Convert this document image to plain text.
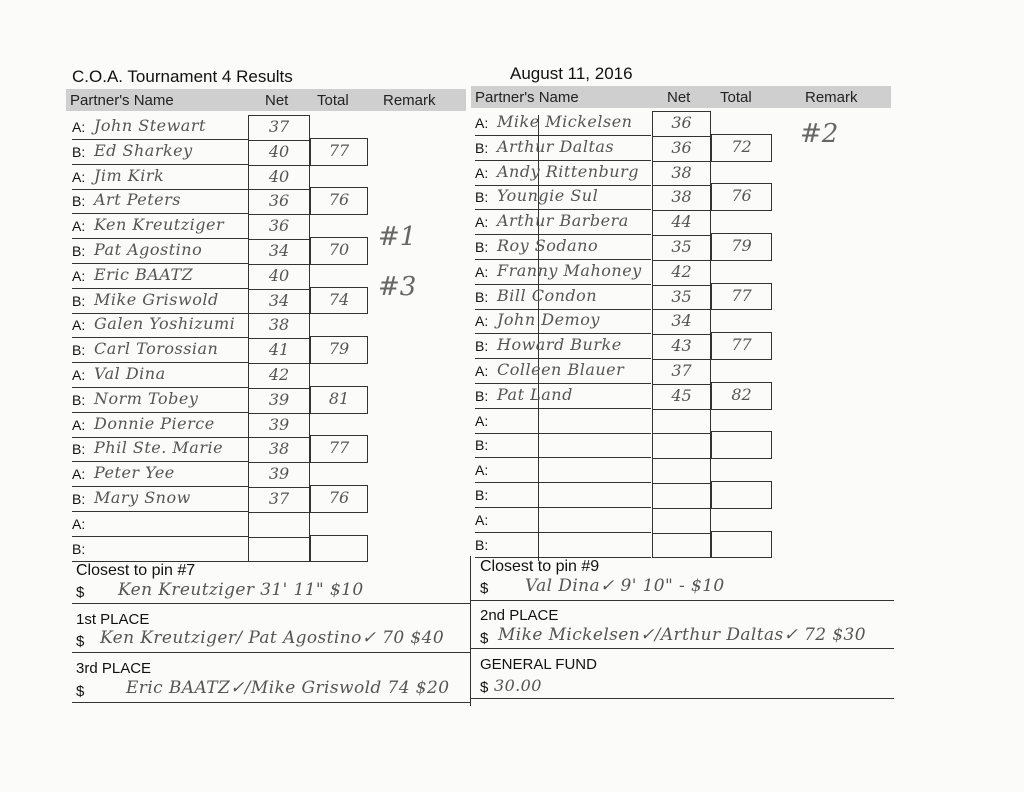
C.O.A. Tournament 4 Results	August 11, 2016
Partner's Name	Net Total Remark	Partner's Name	Net Total	Remark
A: John Stewart	37
B: Ed Sharkey	40	77
A: Jim Kirk	40
B: Art Peters	36	76
A: Ken Kreutziger	36
B: Pat Agostino	34	70	#1
A: Eric BAATZ	40
B: Mike Griswold	34	74	#3
A: Galen Yoshizumi	38
B: Carl Torossian	41	79
A: Val Dina	42
B: Norm Tobey	39	81
A: Donnie Pierce	39
B: Phil Ste. Marie	38	77
A: Peter Yee	39
B: Mary Snow	37	76
A:
B:
A: Mike Mickelsen	36
B: Arthur Daltas	36	72	#2
A: Andy Rittenburg	38
B: Youngie Sul	38	76
A: Arthur Barbera	44
B: Roy Sodano	35	79
A: Franny Mahoney	42
B: Bill Condon	35	77
A: John Demoy	34
B: Howard Burke	43	77
A: Colleen Blauer	37
B: Pat Land	45	82
A:
B:
A:
B:
A:
B:
Closest to pin #7
$ Ken Kreutziger 31' 11" $10
Closest to pin #9
$ Val Dina✓ 9' 10" - $10
1st PLACE
$ Ken Kreutziger/ Pat Agostino✓ 70 $40
2nd PLACE
$ Mike Mickelsen✓/Arthur Daltas✓ 72 $30
3rd PLACE
$ Eric BAATZ✓/Mike Griswold 74 $20
GENERAL FUND
$ 30.00
